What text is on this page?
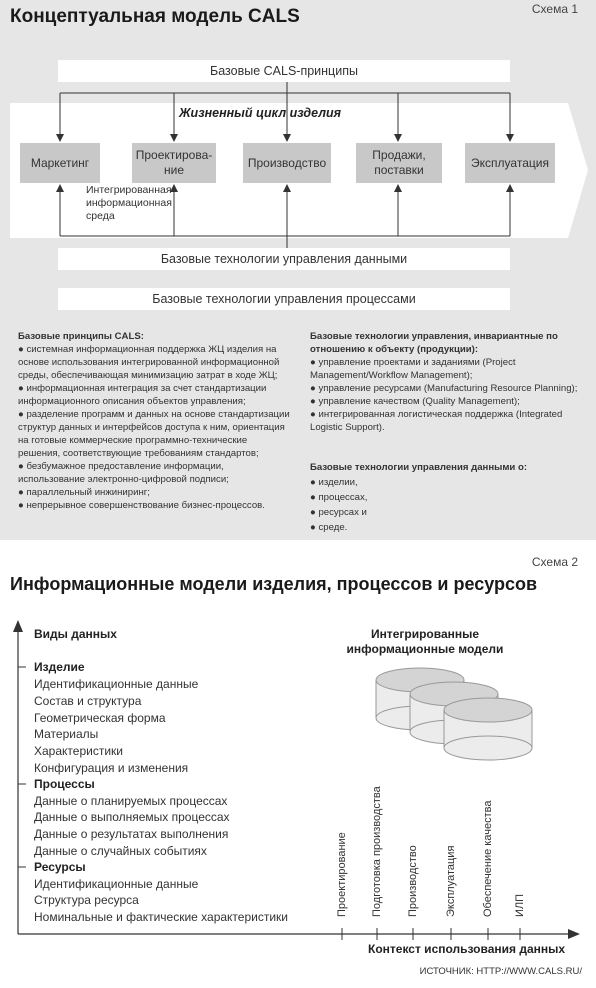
Концептуальная модель CALS	Схема 1
Базовые CALS-принципы
Жизненный цикл изделия
Маркетинг
Проектирова-ние
Производство
Продажи, поставки
Эксплуатация
Интегрированная информационная среда
Базовые технологии управления данными
Базовые технологии управления процессами
Базовые принципы CALS:
● системная информационная поддержка ЖЦ изделия на основе использования интегрированной информационной среды, обеспечивающая минимизацию затрат в ходе ЖЦ;
● информационная интеграция за счет стандартизации информационного описания объектов управления;
● разделение программ и данных на основе стандартизации структур данных и интерфейсов доступа к ним, ориентация на готовые коммерческие программно-технические решения, соответствующие требованиям стандартов;
● безбумажное предоставление информации, использование электронно-цифровой подписи;
● параллельный инжиниринг;
● непрерывное совершенствование бизнес-процессов.
Базовые технологии управления, инвариантные по отношению к объекту (продукции):
● управление проектами и заданиями (Project Management/Workflow Management);
● управление ресурсами (Manufacturing Resource Planning);
● управление качеством (Quality Management);
● интегрированная логистическая поддержка (Integrated Logistic Support).
Базовые технологии управления данными о:
● изделии,
● процессах,
● ресурсах и
● среде.
Схема 2
Информационные модели изделия, процессов и ресурсов
Виды данных
Изделие
Идентификационные данные
Состав и структура
Геометрическая форма
Материалы
Характеристики
Конфигурация и изменения
Процессы
Данные о планируемых процессах
Данные о выполняемых процессах
Данные о результатах выполнения
Данные о случайных событиях
Ресурсы
Идентификационные данные
Структура ресурса
Номинальные и фактические характеристики
Интегрированные информационные модели
Проектирование Подготовка производства Производство Эксплуатация Обеспечение качества ИЛП
Контекст использования данных
ИСТОЧНИК: HTTP://WWW.CALS.RU/
